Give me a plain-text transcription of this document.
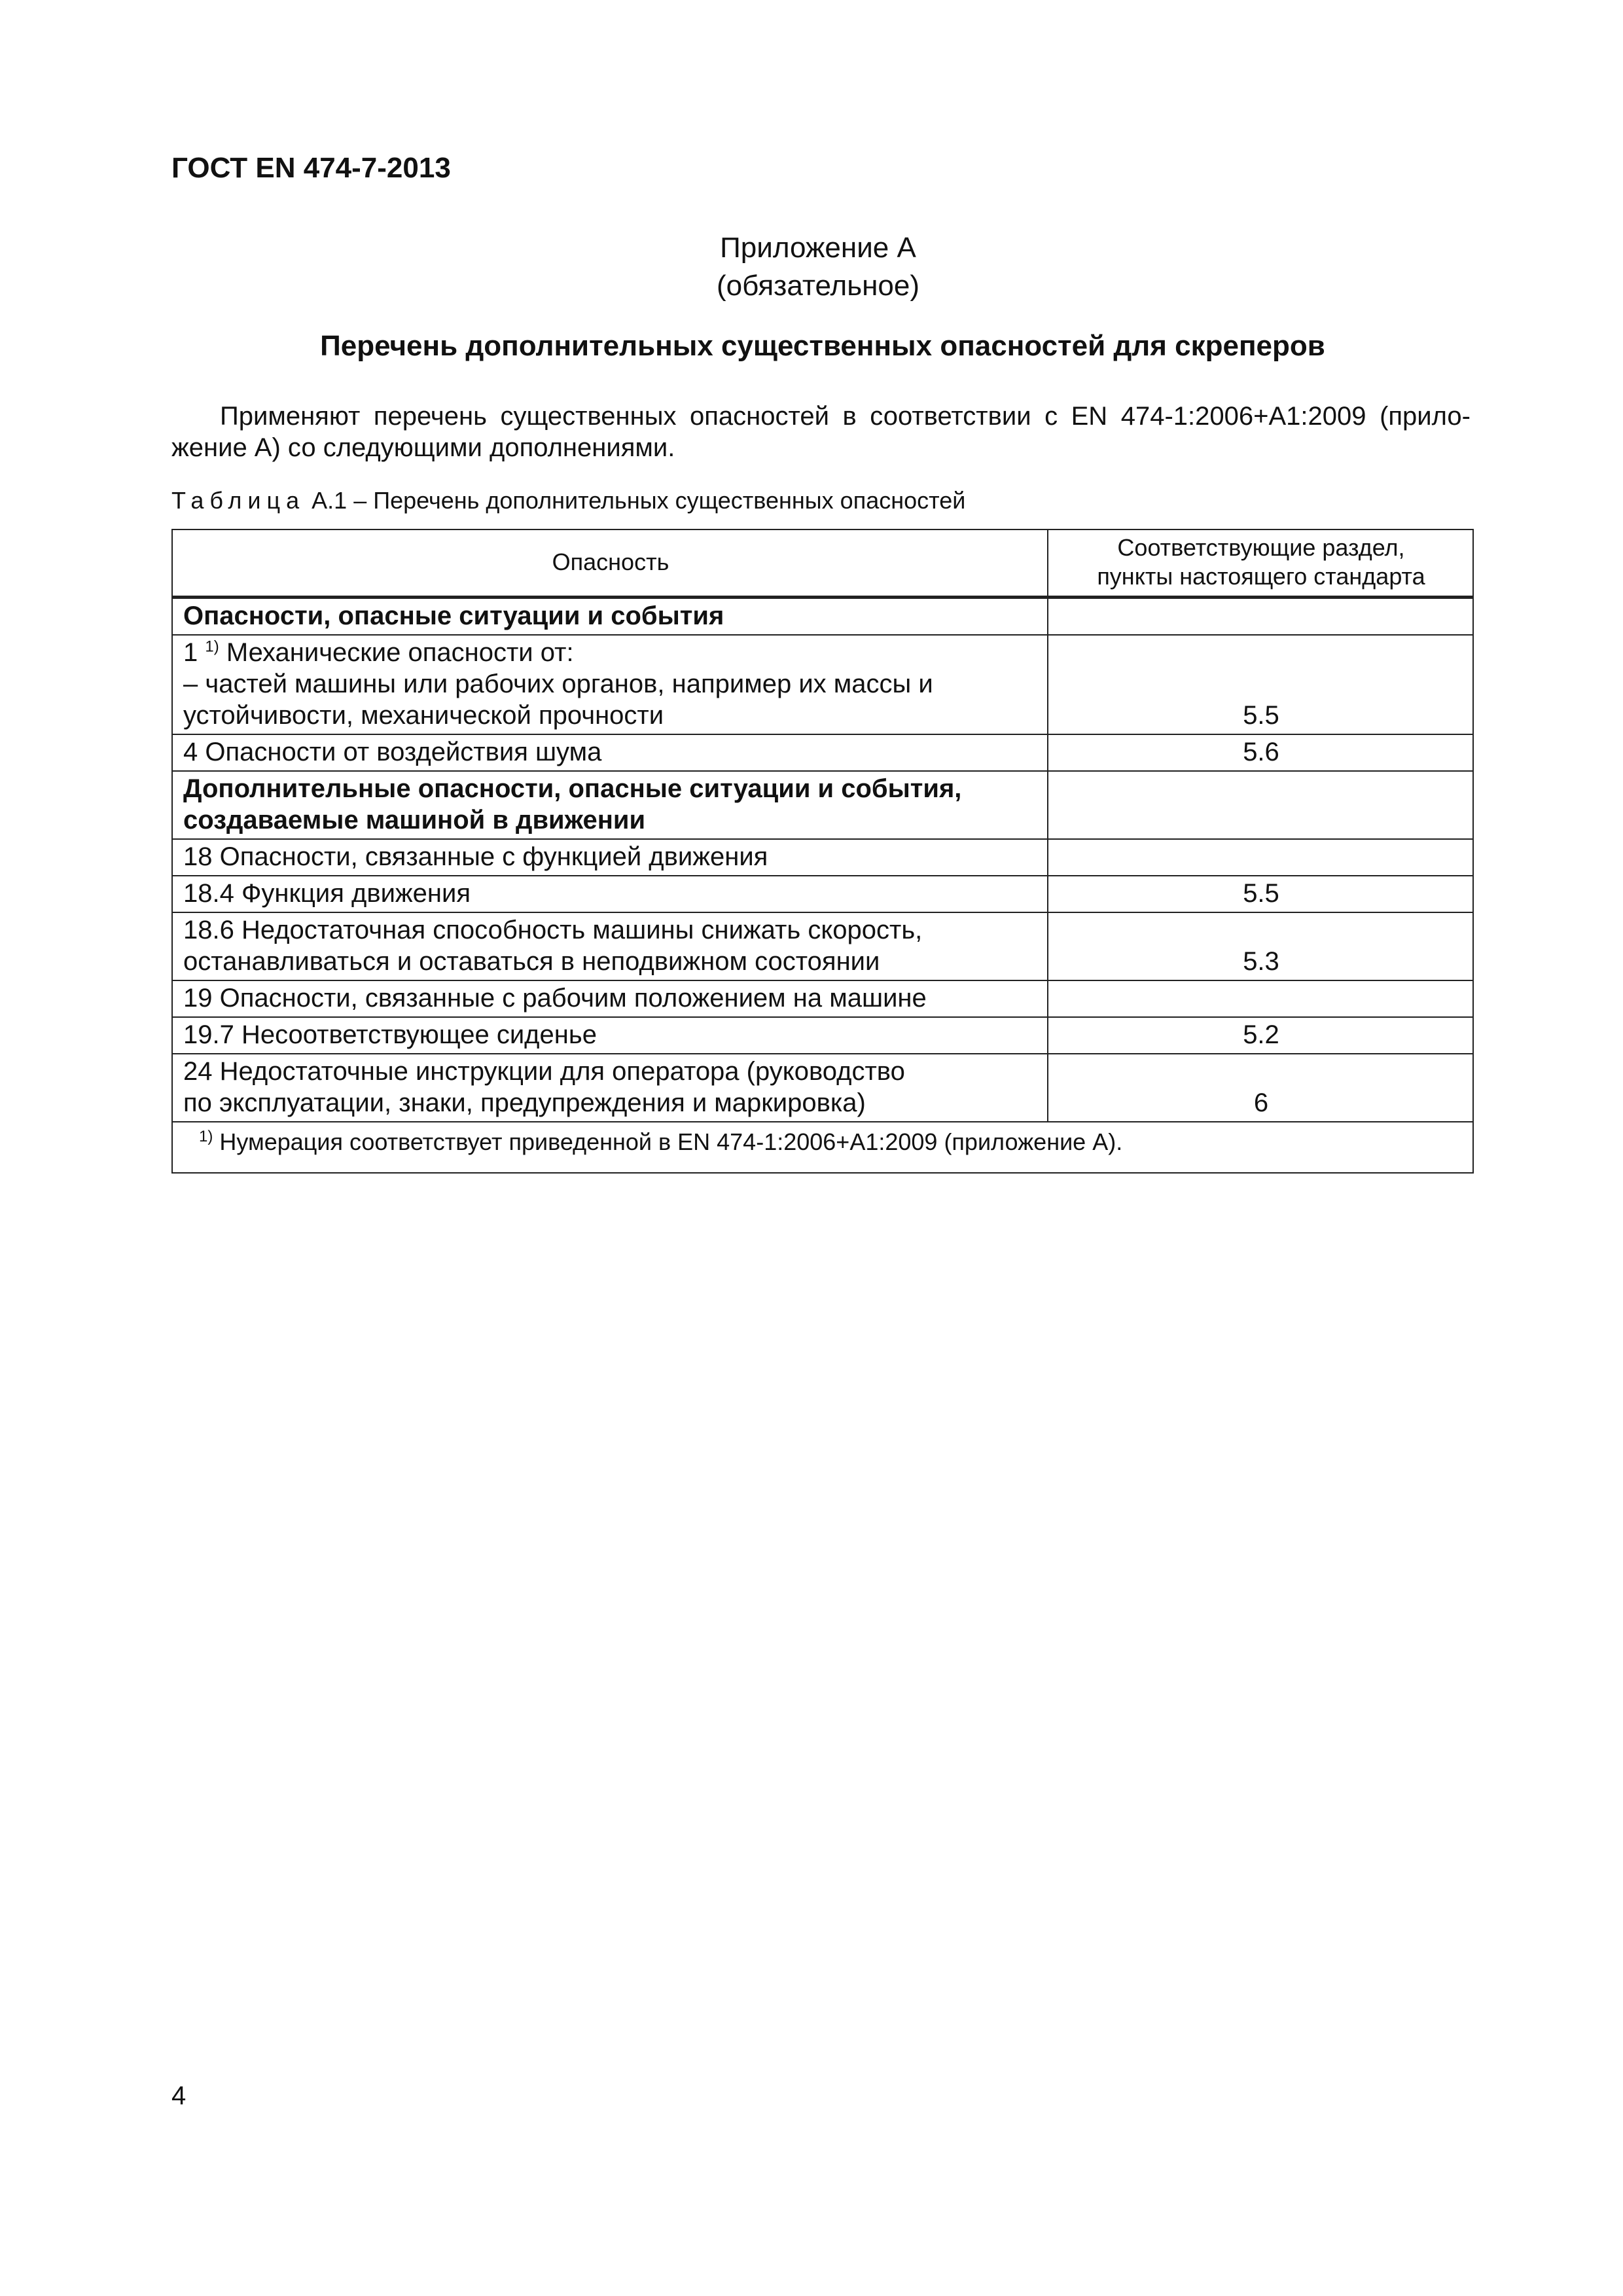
ГОСТ EN 474-7-2013
Приложение А
(обязательное)
Перечень дополнительных существенных опасностей для скреперов
Применяют перечень существенных опасностей в соответствии с EN 474-1:2006+A1:2009 (прило-жение А) со следующими дополнениями.
Таблица А.1 – Перечень дополнительных существенных опасностей
Опасность	Соответствующие раздел,
пункты настоящего стандарта

Опасности, опасные ситуации и события	

1 $^{1)}$ Механические опасности от:
– частей машины или рабочих органов, например их массы и
устойчивости, механической прочности	5.5

4 Опасности от воздействия шума	5.6

Дополнительные опасности, опасные ситуации и события,
создаваемые машиной в движении	

18 Опасности, связанные с функцией движения	

18.4 Функция движения	5.5

18.6 Недостаточная способность машины снижать скорость,
останавливаться и оставаться в неподвижном состоянии	5.3

19 Опасности, связанные с рабочим положением на машине	

19.7 Несоответствующее сиденье	5.2

24 Недостаточные инструкции для оператора (руководство
по эксплуатации, знаки, предупреждения и маркировка)	6
$^{1)}$ Нумерация соответствует приведенной в EN 474-1:2006+A1:2009 (приложение А).	
4
